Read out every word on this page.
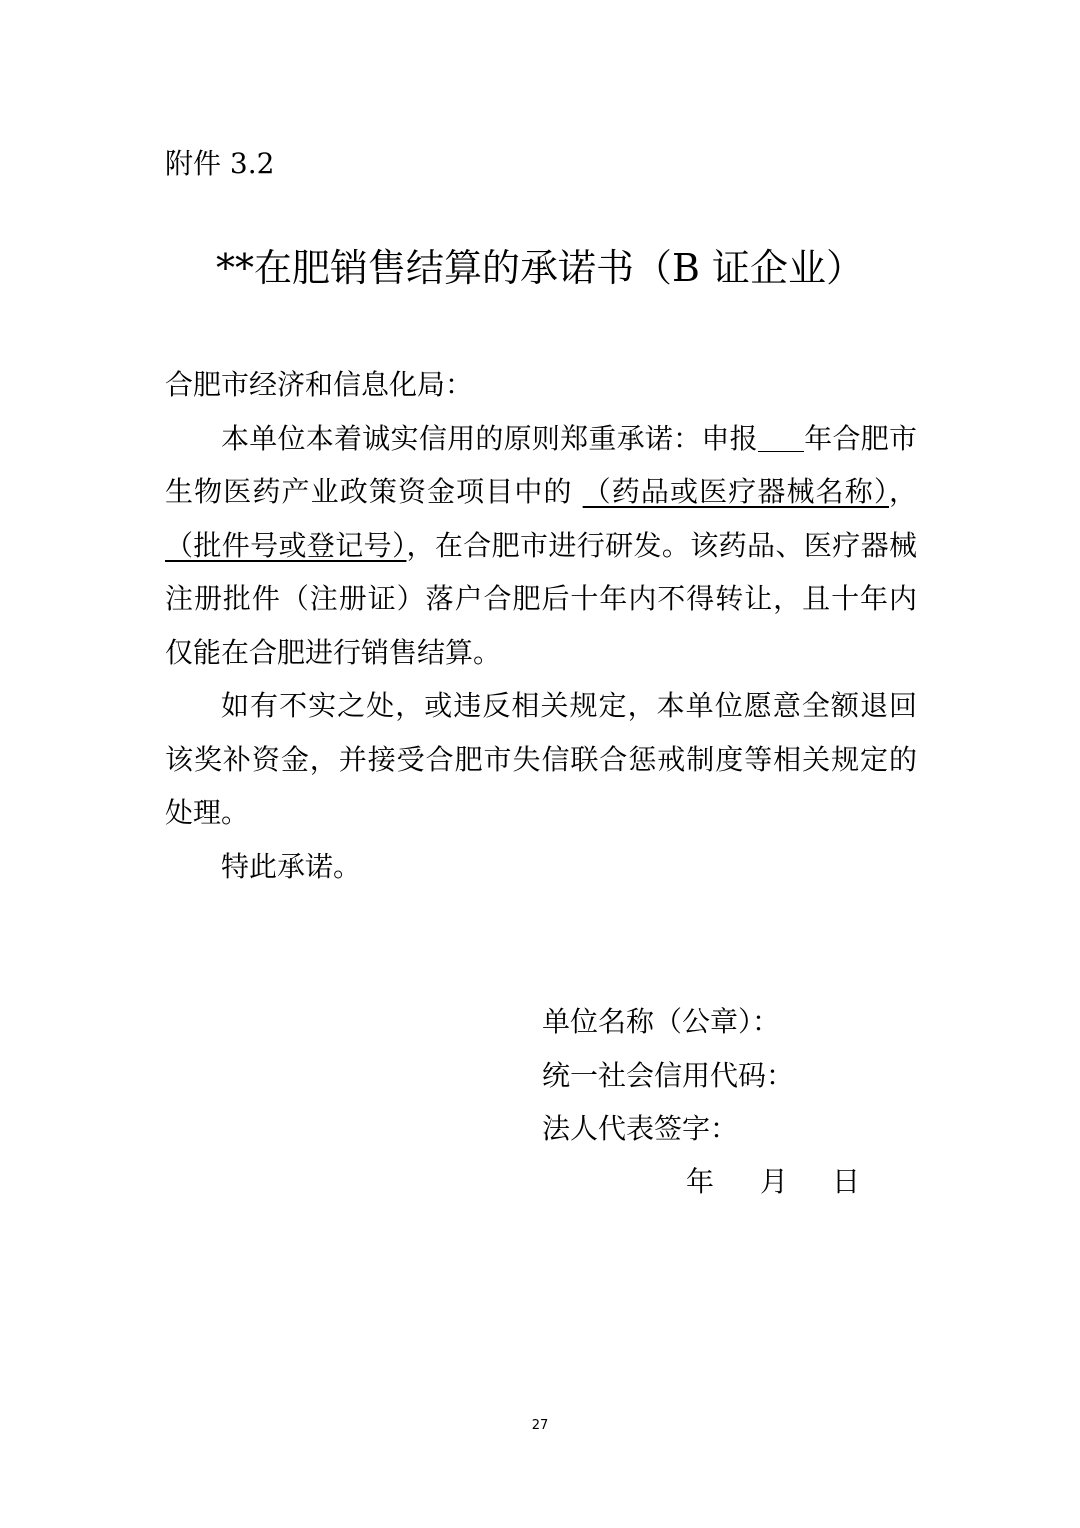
附件 3.2
**在肥销售结算的承诺书（B 证企业）

合肥市经济和信息化局：

本单位本着诚实信用的原则郑重承诺：申报 年合肥市生物医药产业政策资金项目中的 （药品或医疗器械名称），（批件号或登记号），在合肥市进行研发。该药品、医疗器械注册批件（注册证）落户合肥后十年内不得转让，且十年内仅能在合肥进行销售结算。

如有不实之处，或违反相关规定，本单位愿意全额退回该奖补资金，并接受合肥市失信联合惩戒制度等相关规定的处理。

特此承诺。

单位名称（公章）：

统一社会信用代码：

法人代表签字：

年 月 日
27
